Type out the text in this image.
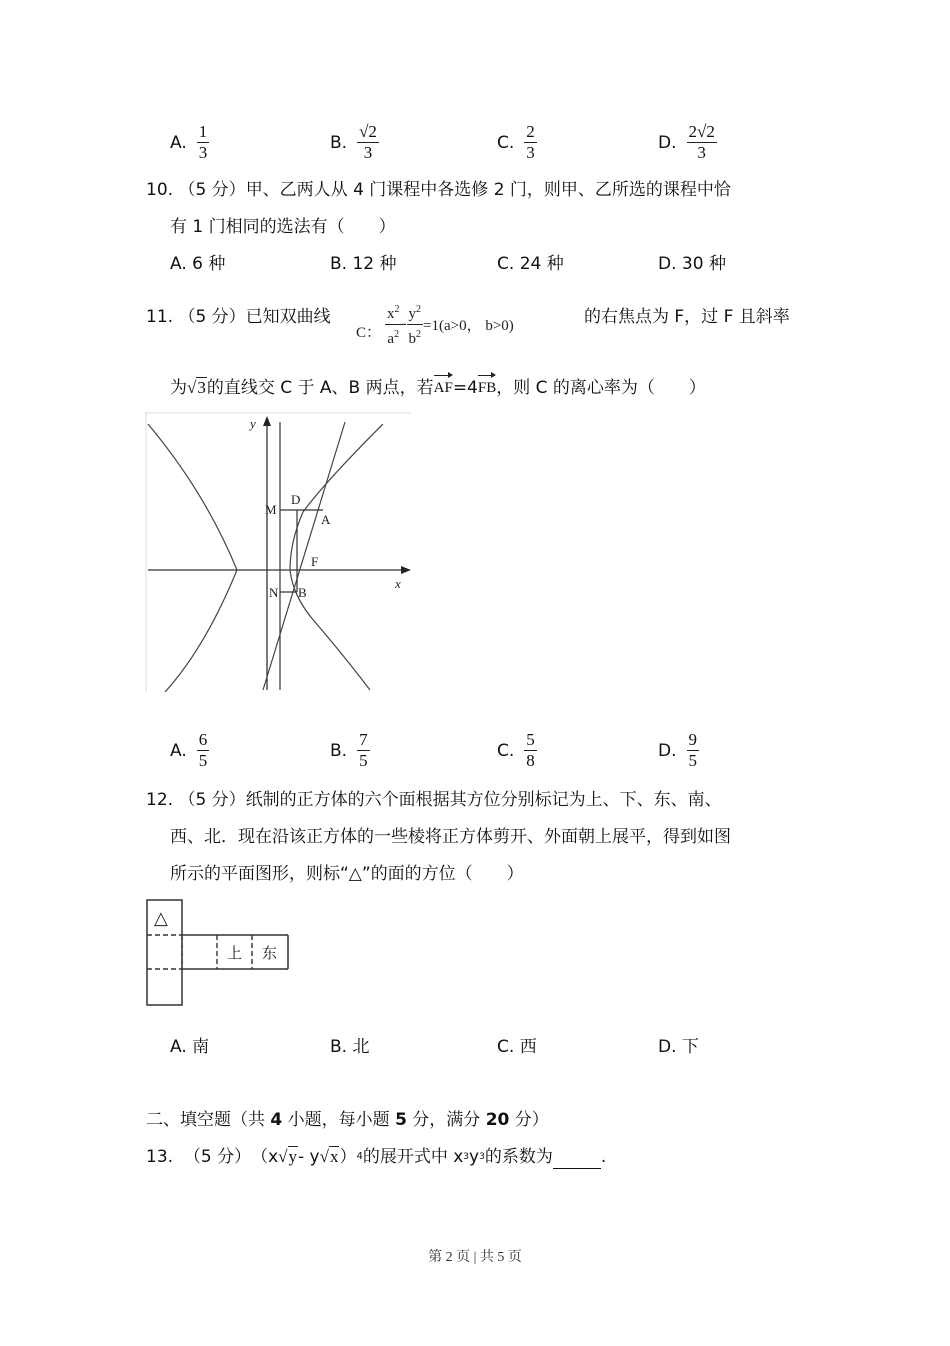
A. $\frac{1}{3}$	B. $\frac{√2}{3}$	C. $\frac{2}{3}$	D. $\frac{2√2}{3}$
10. （5 分）甲、乙两人从 4 门课程中各选修 2 门，则甲、乙所选的课程中恰
有 1 门相同的选法有（　　）
A.
6 种	B.
12 种	C.
24 种	D.
30 种
11. （5 分）已知双曲线
C： $\frac{x^2}{a^2} - \frac{y^2}{b^2} =1(a>0$， b>0)	的右焦点为 F，过 F 且斜率
为 √3 的直线交 C 于 A、B 两点，若 AF =4 FB ，则 C 的离心率为（　　）
y
x
M
D
A
F
N B
A. $\frac{6}{5}$	B. $\frac{7}{5}$	C. $\frac{5}{8}$	D. $\frac{9}{5}$
12. （5 分）纸制的正方体的六个面根据其方位分别标记为上、下、东、南、
西、北．现在沿该正方体的一些棱将正方体剪开、外面朝上展平，得到如图
所示的平面图形，则标“△”的面的方位（　　）
△
上 东
A.
南	B.
北	C.
西	D.
下
二、填空题（共 4 小题，每小题 5 分，满分 20 分）
13.
（5 分） （x √y - y √x ） 4 的展开式中 x 3 y 3 的系数为	.
第 2 页 | 共 5 页
